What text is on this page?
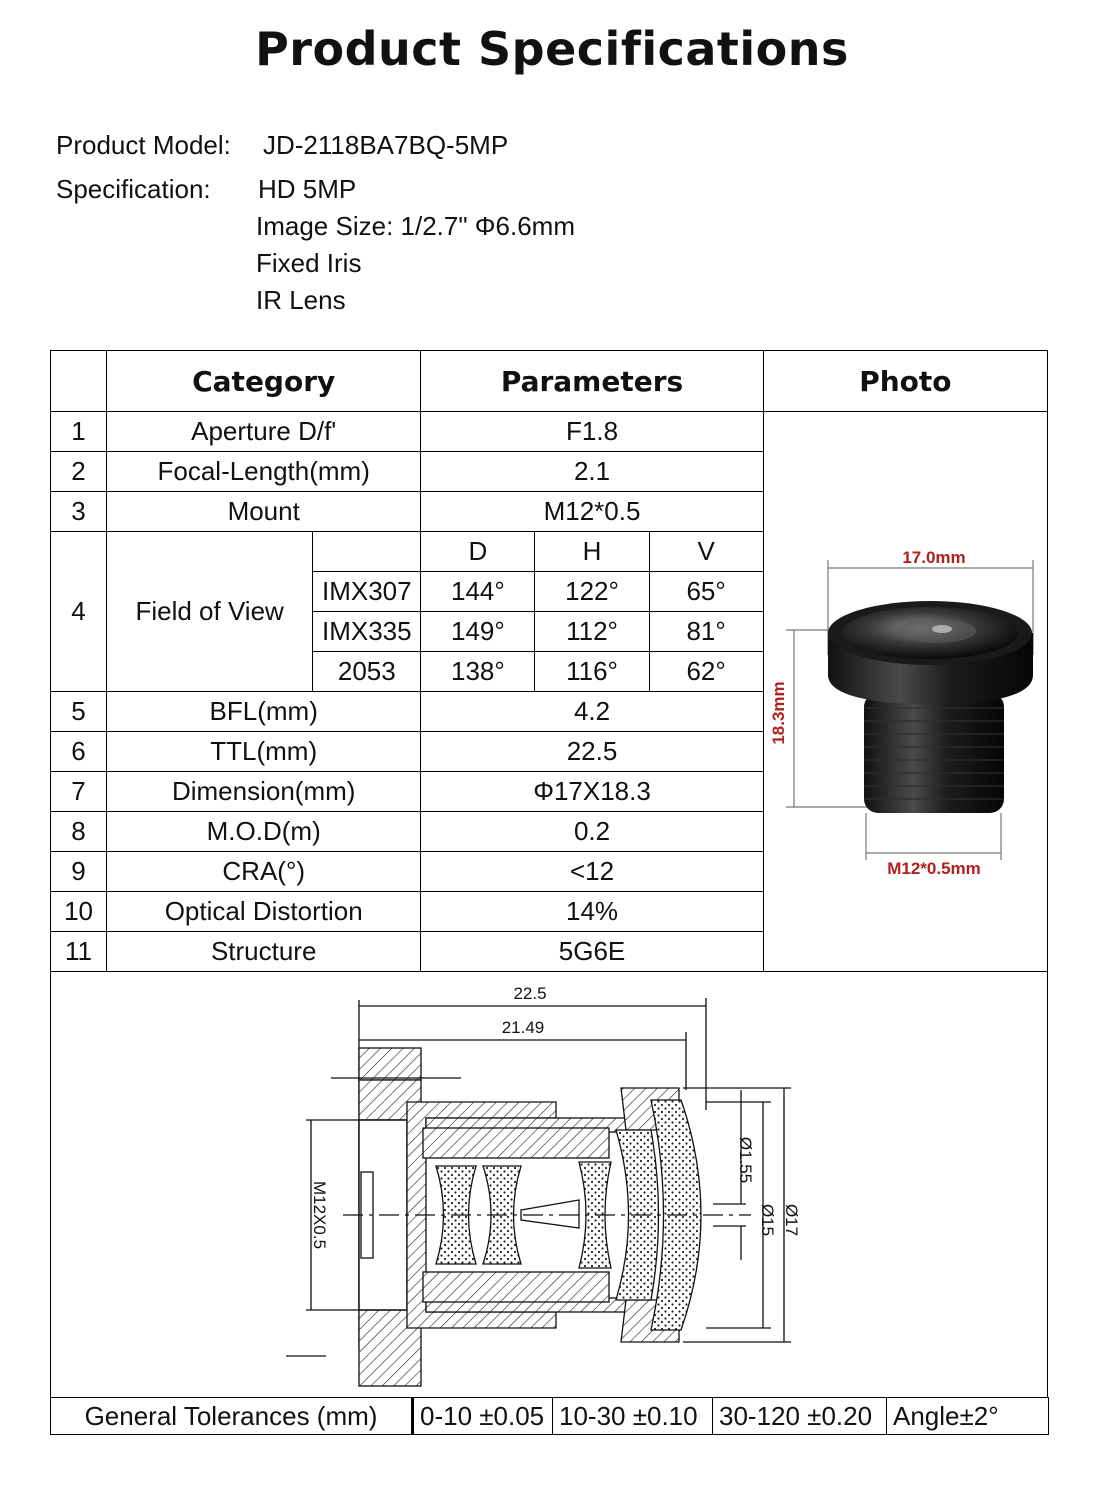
Product Specifications
Product Model: JD-2118BA7BQ-5MP
Specification: HD 5MP
Image Size: 1/2.7" Φ6.6mm
Fixed Iris
IR Lens
	Category		Parameters			Photo
1	Aperture D/f'		F1.8			17.0mm
18.3mm
M12*0.5mm

2	Focal-Length(mm)		2.1			
3	Mount		M12*0.5			
4	Field of View		D	H	V	
		IMX307	144°	122°	65°	
		IMX335	149°	112°	81°	
		2053	138°	116°	62°	
5	BFL(mm)		4.2			
6	TTL(mm)		22.5			
7	Dimension(mm)		Φ17X18.3			
8	M.O.D(m)		0.2			
9	CRA(°)		<12			
10	Optical Distortion		14%			
11	Structure		5G6E			
22.5
21.49
M12X0.5
Ø1.55
Ø15 Ø17
General Tolerances (mm)	0-10 ±0.05	10-30 ±0.10	30-120 ±0.20	Angle±2°
